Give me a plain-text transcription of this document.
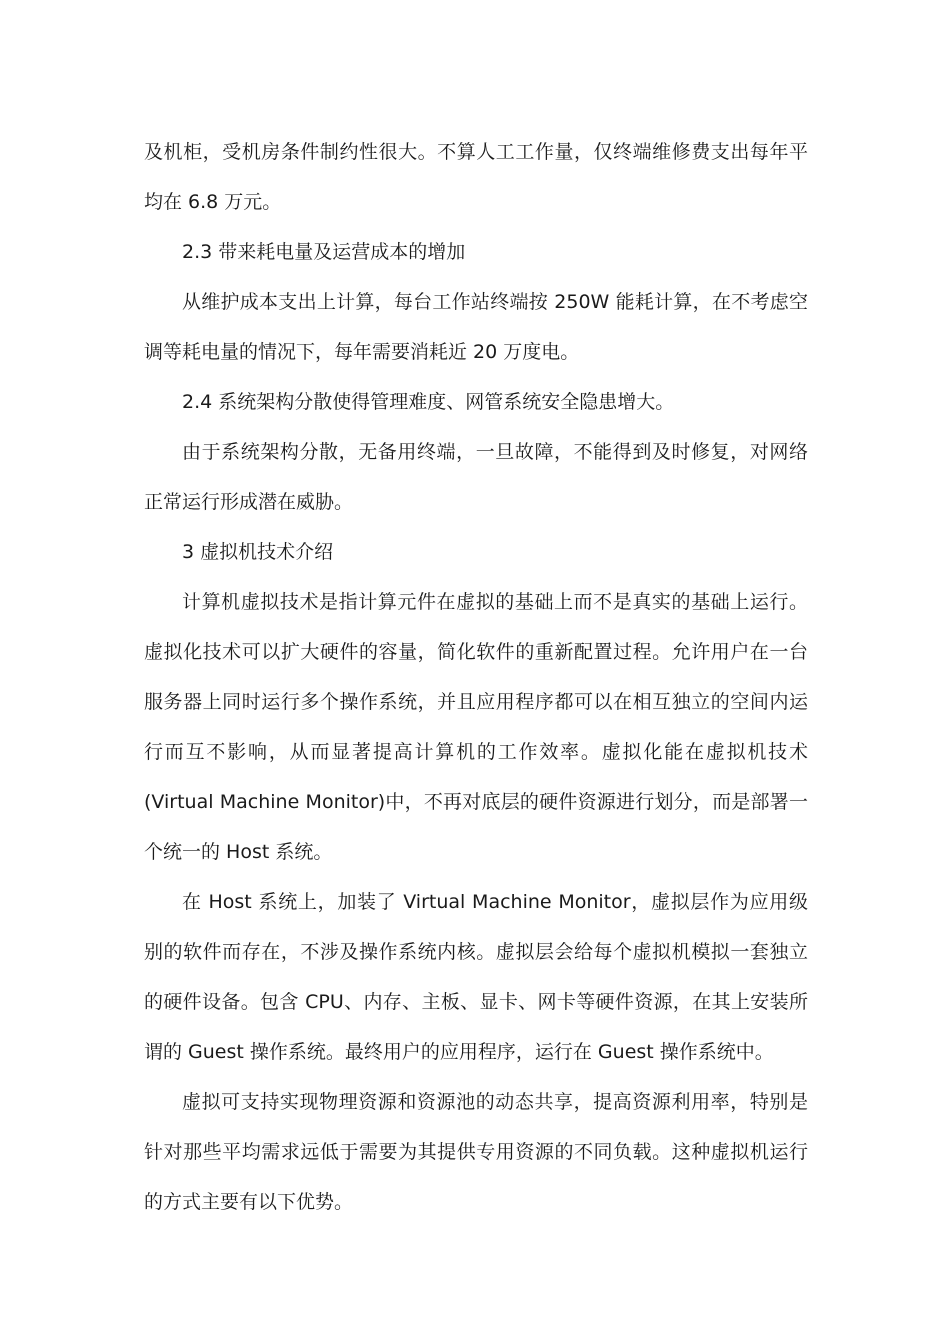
及机柜，受机房条件制约性很大。不算人工工作量，仅终端维修费支出每年平均在 6.8 万元。

2.3 带来耗电量及运营成本的增加

从维护成本支出上计算，每台工作站终端按 250W 能耗计算，在不考虑空调等耗电量的情况下，每年需要消耗近 20 万度电。

2.4 系统架构分散使得管理难度、网管系统安全隐患增大。

由于系统架构分散，无备用终端，一旦故障，不能得到及时修复，对网络正常运行形成潜在威胁。

3 虚拟机技术介绍

计算机虚拟技术是指计算元件在虚拟的基础上而不是真实的基础上运行。虚拟化技术可以扩大硬件的容量，简化软件的重新配置过程。允许用户在一台服务器上同时运行多个操作系统，并且应用程序都可以在相互独立的空间内运行而互不影响，从而显著提高计算机的工作效率。虚拟化能在虚拟机技术(Virtual Machine Monitor)中，不再对底层的硬件资源进行划分，而是部署一个统一的 Host 系统。

在 Host 系统上，加装了 Virtual Machine Monitor，虚拟层作为应用级别的软件而存在，不涉及操作系统内核。虚拟层会给每个虚拟机模拟一套独立的硬件设备。包含 CPU、内存、主板、显卡、网卡等硬件资源，在其上安装所谓的 Guest 操作系统。最终用户的应用程序，运行在 Guest 操作系统中。

虚拟可支持实现物理资源和资源池的动态共享，提高资源利用率，特别是针对那些平均需求远低于需要为其提供专用资源的不同负载。这种虚拟机运行的方式主要有以下优势。
